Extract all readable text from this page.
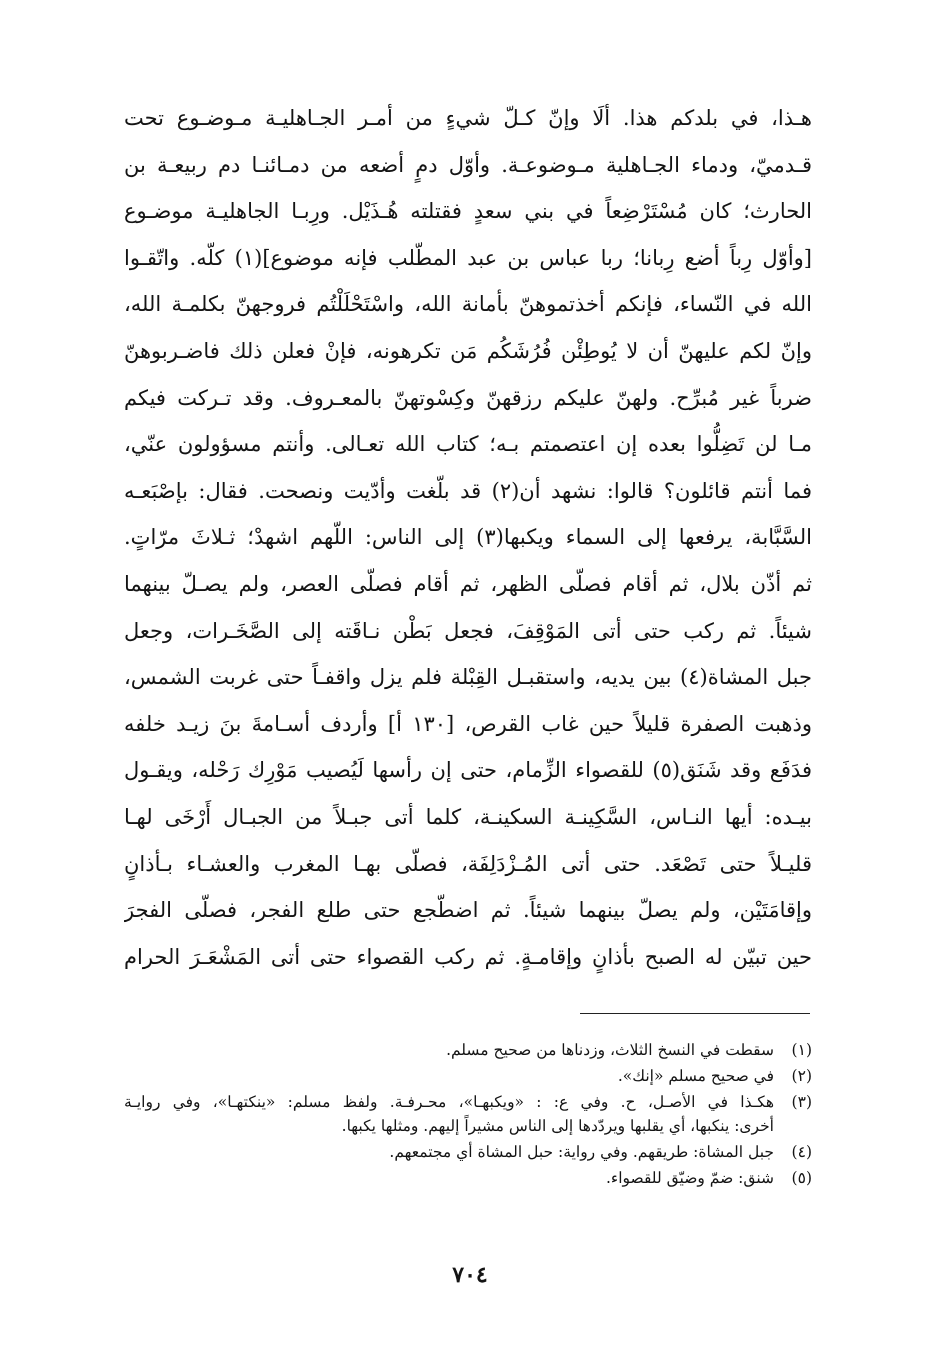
هـذا، في بلدكم هذا. ألَا وإنّ كـلّ شيءٍ من أمـر الجـاهليـة مـوضـوع تحت
قـدميّ، ودماء الجـاهلية مـوضوعـة. وأوّل دمٍ أضعه من دمـائنـا دم ربيعـة بن
الحارث؛ كان مُسْتَرْضِعاً في بني سعدٍ فقتلته هُـذَيْل. ورِبـا الجاهليـة موضـوع
[وأوّل رِباً أضع رِبانا؛ ربا عباس بن عبد المطّلب فإنه موضوع](١) كلّه. واتّقـوا
الله في النّساء، فإنكم أخذتموهنّ بأمانة الله، واسْتَحْلَلْتُم فروجهنّ بكلمـة الله،
وإنّ لكم عليهنّ أن لا يُوطِئْن فُرُشَكُم مَن تكرهونه، فإنْ فعلن ذلك فاضـربوهنّ
ضرباً غير مُبرِّح. ولهنّ عليكم رزقهنّ وكِسْوتهنّ بالمعـروف. وقد تـركت فيكم
مـا لن تَضِلُّوا بعده إن اعتصمتم بـه؛ كتاب الله تعـالى. وأنتم مسؤولون عنّي،
فما أنتم قائلون؟ قالوا: نشهد أن(٢) قد بلّغت وأدّيت ونصحت. فقال: بإصْبَعـه
السَّبَّابة، يرفعها إلى السماء ويكبها(٣) إلى الناس: اللّهم اشهدْ؛ ثـلاثَ مرّاتٍ.
ثم أذّن بلال، ثم أقام فصلّى الظهر، ثم أقام فصلّى العصر، ولم يصـلّ بينهما
شيئاً. ثم ركب حتى أتى المَوْقِفَ، فجعل بَطْن نـاقَته إلى الصَّخَـرات، وجعل
جبل المشاة(٤) بين يديه، واستقبـل القِبْلة فلم يزل واقفـاً حتى غربت الشمس،
وذهبت الصفرة قليلاً حين غاب القرص، [١٣٠ أ] وأردف أسـامةَ بنَ زيـد خلفه
فدَفَع وقد شَنَق(٥) للقصواء الزِّمام، حتى إن رأسها لَيُصيب مَوْرِك رَحْله، ويقـول
بيـده: أيها النـاس، السَّكِينـة السكينـة، كلما أتى جبـلاً من الجبـال أَرْخَى لهـا
قليـلاً حتى تَصْعَد. حتى أتى المُـزْدَلِفَة، فصلّى بهـا المغرب والعشـاء بـأذانٍ
وإقامَتَيْن، ولم يصلّ بينهما شيئاً. ثم اضطّجع حتى طلع الفجر، فصلّى الفجرَ
حين تبيّن له الصبح بأذانٍ وإقامـةٍ. ثم ركب القصواء حتى أتى المَشْعَـرَ الحرام
(١)
سقطت في النسخ الثلاث، وزدناها من صحيح مسلم.
(٢)
في صحيح مسلم «إنك».
(٣)
هكـذا في الأصـل، ح. وفي ع: : «ويكبهـا»، محـرفـة. ولفظ مسلم: «ينكتهـا»، وفي روايـة
أخرى: ينكبها، أي يقلبها ويردّدها إلى الناس مشيراً إليهم. ومثلها يكبها.
(٤)
جبل المشاة: طريقهم. وفي رواية: حبل المشاة أي مجتمعهم.
(٥)
شنق: ضمّ وضيّق للقصواء.
٧٠٤
